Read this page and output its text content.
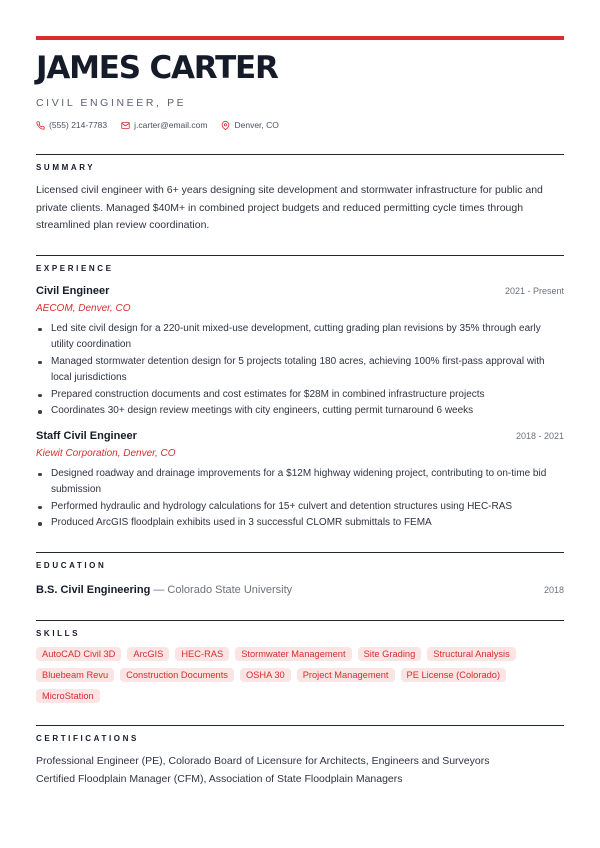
JAMES CARTER
CIVIL ENGINEER, PE
(555) 214-7783	j.carter@email.com	Denver, CO
SUMMARY
Licensed civil engineer with 6+ years designing site development and stormwater infrastructure for public and private clients. Managed $40M+ in combined project budgets and reduced permitting cycle times through streamlined plan review coordination.
EXPERIENCE
Civil Engineer	2021 - Present
AECOM, Denver, CO
Led site civil design for a 220-unit mixed-use development, cutting grading plan revisions by 35% through early utility coordination
Managed stormwater detention design for 5 projects totaling 180 acres, achieving 100% first-pass approval with local jurisdictions
Prepared construction documents and cost estimates for $28M in combined infrastructure projects
Coordinates 30+ design review meetings with city engineers, cutting permit turnaround 6 weeks
Staff Civil Engineer	2018 - 2021
Kiewit Corporation, Denver, CO
Designed roadway and drainage improvements for a $12M highway widening project, contributing to on-time bid submission
Performed hydraulic and hydrology calculations for 15+ culvert and detention structures using HEC-RAS
Produced ArcGIS floodplain exhibits used in 3 successful CLOMR submittals to FEMA
EDUCATION
B.S. Civil Engineering — Colorado State University	2018
SKILLS
AutoCAD Civil 3D	ArcGIS	HEC-RAS	Stormwater Management	Site Grading	Structural Analysis
Bluebeam Revu	Construction Documents	OSHA 30	Project Management	PE License (Colorado)
MicroStation
CERTIFICATIONS
Professional Engineer (PE), Colorado Board of Licensure for Architects, Engineers and Surveyors
Certified Floodplain Manager (CFM), Association of State Floodplain Managers
